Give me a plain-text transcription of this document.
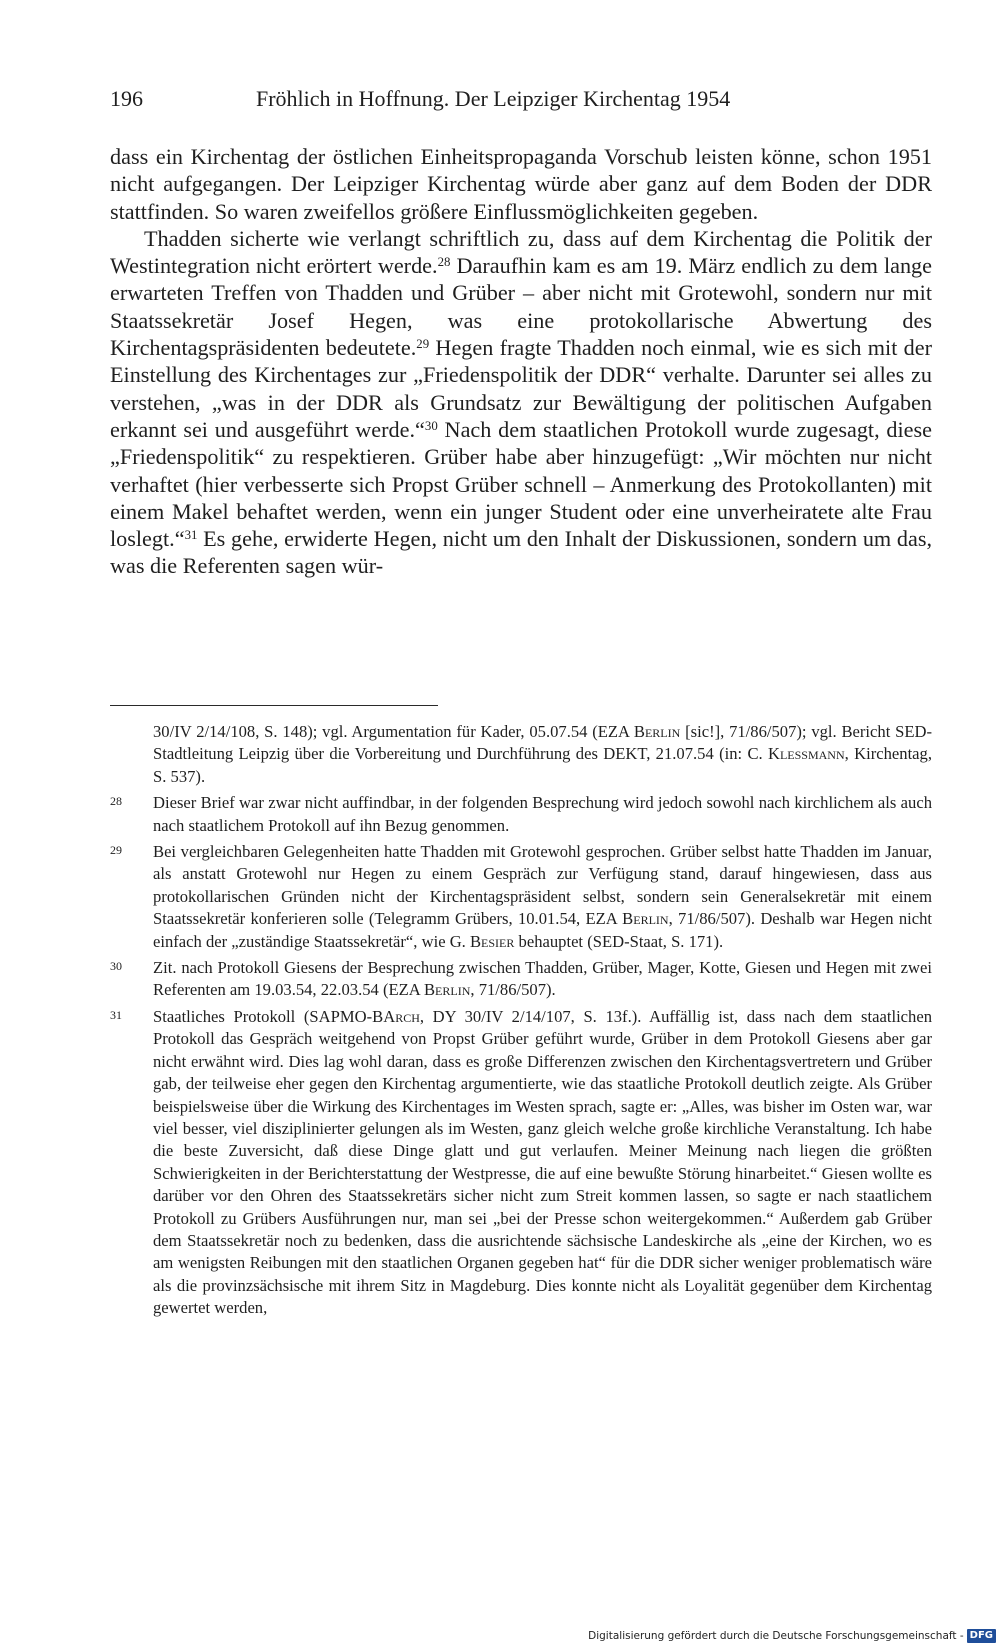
196	Fröhlich in Hoffnung. Der Leipziger Kirchentag 1954

dass ein Kirchentag der östlichen Einheitspropaganda Vorschub leisten könne, schon 1951 nicht aufgegangen. Der Leipziger Kirchentag würde aber ganz auf dem Boden der DDR stattfinden. So waren zweifellos größere Einflussmöglichkeiten gegeben.

Thadden sicherte wie verlangt schriftlich zu, dass auf dem Kirchentag die Politik der Westintegration nicht erörtert werde.$^{28}$ Daraufhin kam es am 19. März endlich zu dem lange erwarteten Treffen von Thadden und Grüber – aber nicht mit Grotewohl, sondern nur mit Staatssekretär Josef Hegen, was eine protokollarische Abwertung des Kirchentagspräsidenten bedeutete.$^{29}$ Hegen fragte Thadden noch einmal, wie es sich mit der Einstellung des Kirchentages zur „Friedenspolitik der DDR“ verhalte. Darunter sei alles zu verstehen, „was in der DDR als Grundsatz zur Bewältigung der politischen Aufgaben erkannt sei und ausgeführt werde.“$^{30}$ Nach dem staatlichen Protokoll wurde zugesagt, diese „Friedenspolitik“ zu respektieren. Grüber habe aber hinzugefügt: „Wir möchten nur nicht verhaftet (hier verbesserte sich Propst Grüber schnell – Anmerkung des Protokollanten) mit einem Makel behaftet werden, wenn ein junger Student oder eine unverheiratete alte Frau loslegt.“$^{31}$ Es gehe, erwiderte Hegen, nicht um den Inhalt der Diskussionen, sondern um das, was die Referenten sagen wür-

30/IV 2/14/108, S. 148); vgl. Argumentation für Kader, 05.07.54 (EZA Berlin [sic!], 71/86/507); vgl. Bericht SED-Stadtleitung Leipzig über die Vorbereitung und Durchführung des DEKT, 21.07.54 (in: C. Klessmann, Kirchentag, S. 537).
28 Dieser Brief war zwar nicht auffindbar, in der folgenden Besprechung wird jedoch sowohl nach kirchlichem als auch nach staatlichem Protokoll auf ihn Bezug genommen.
29 Bei vergleichbaren Gelegenheiten hatte Thadden mit Grotewohl gesprochen. Grüber selbst hatte Thadden im Januar, als anstatt Grotewohl nur Hegen zu einem Gespräch zur Verfügung stand, darauf hingewiesen, dass aus protokollarischen Gründen nicht der Kirchentagspräsident selbst, sondern sein Generalsekretär mit einem Staatssekretär konferieren solle (Telegramm Grübers, 10.01.54, EZA Berlin, 71/86/507). Deshalb war Hegen nicht einfach der „zuständige Staatssekretär“, wie G. Besier behauptet (SED-Staat, S. 171).
30 Zit. nach Protokoll Giesens der Besprechung zwischen Thadden, Grüber, Mager, Kotte, Giesen und Hegen mit zwei Referenten am 19.03.54, 22.03.54 (EZA Berlin, 71/86/507).
31 Staatliches Protokoll (SAPMO-BArch, DY 30/IV 2/14/107, S. 13f.). Auffällig ist, dass nach dem staatlichen Protokoll das Gespräch weitgehend von Propst Grüber geführt wurde, Grüber in dem Protokoll Giesens aber gar nicht erwähnt wird. Dies lag wohl daran, dass es große Differenzen zwischen den Kirchentagsvertretern und Grüber gab, der teilweise eher gegen den Kirchentag argumentierte, wie das staatliche Protokoll deutlich zeigte. Als Grüber beispielsweise über die Wirkung des Kirchentages im Westen sprach, sagte er: „Alles, was bisher im Osten war, war viel besser, viel disziplinierter gelungen als im Westen, ganz gleich welche große kirchliche Veranstaltung. Ich habe die beste Zuversicht, daß diese Dinge glatt und gut verlaufen. Meiner Meinung nach liegen die größten Schwierigkeiten in der Berichterstattung der Westpresse, die auf eine bewußte Störung hinarbeitet.“ Giesen wollte es darüber vor den Ohren des Staatssekretärs sicher nicht zum Streit kommen lassen, so sagte er nach staatlichem Protokoll zu Grübers Ausführungen nur, man sei „bei der Presse schon weitergekommen.“ Außerdem gab Grüber dem Staatssekretär noch zu bedenken, dass die ausrichtende sächsische Landeskirche als „eine der Kirchen, wo es am wenigsten Reibungen mit den staatlichen Organen gegeben hat“ für die DDR sicher weniger problematisch wäre als die provinzsächsische mit ihrem Sitz in Magdeburg. Dies konnte nicht als Loyalität gegenüber dem Kirchentag gewertet werden,
Digitalisierung gefördert durch die Deutsche Forschungsgemeinschaft - DFG
